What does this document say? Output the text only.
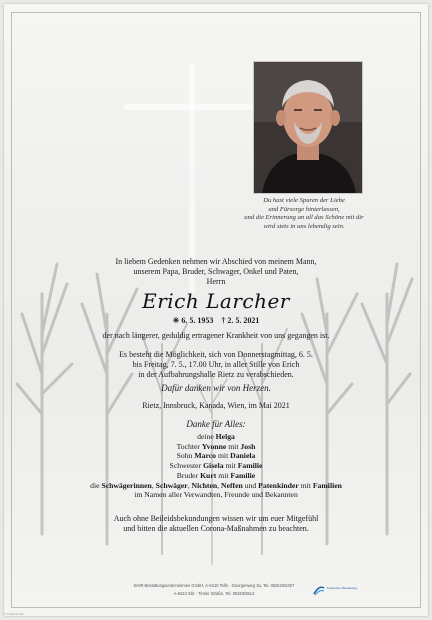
Du hast viele Spuren der Liebe
und Fürsorge hinterlassen,
und die Erinnerung an all das Schöne mit dir
wird stets in uns lebendig sein.
In liebem Gedenken nehmen wir Abschied von meinem Mann,
unserem Papa, Bruder, Schwager, Onkel und Paten,
Herrn
Erich Larcher
✳ 6. 5. 1953 † 2. 5. 2021
der nach längerer, geduldig ertragener Krankheit von uns gegangen ist.
Es besteht die Möglichkeit, sich von Donnerstagmittag, 6. 5.
bis Freitag, 7. 5., 17.00 Uhr, in aller Stille von Erich
in der Aufbahrungshalle Rietz zu verabschieden.
Dafür danken wir von Herzen.
Rietz, Innsbruck, Kanada, Wien, im Mai 2021
Danke für Alles:
deine Helga
Tochter Yvonne mit Josh
Sohn Marco mit Daniela
Schwester Gisela mit Familie
Bruder Kurt mit Familie
die Schwägerinnen, Schwäger, Nichten, Neffen und Patenkinder mit Familien
im Namen aller Verwandten, Freunde und Bekannten
Auch ohne Beileidsbekundungen wissen wir um euer Mitgefühl
und bitten die aktuellen Corona-Maßnahmen zu beachten.
KIHR Bestattungsunternehmen GmbH, A-6410 Telfs · Georgenweg 3a, Tel. 05262/62407
A-6424 Silz · Tiroler Straße, Tel. 05263/6514
Kuratorium Bestattung
© KIHR GmbH
